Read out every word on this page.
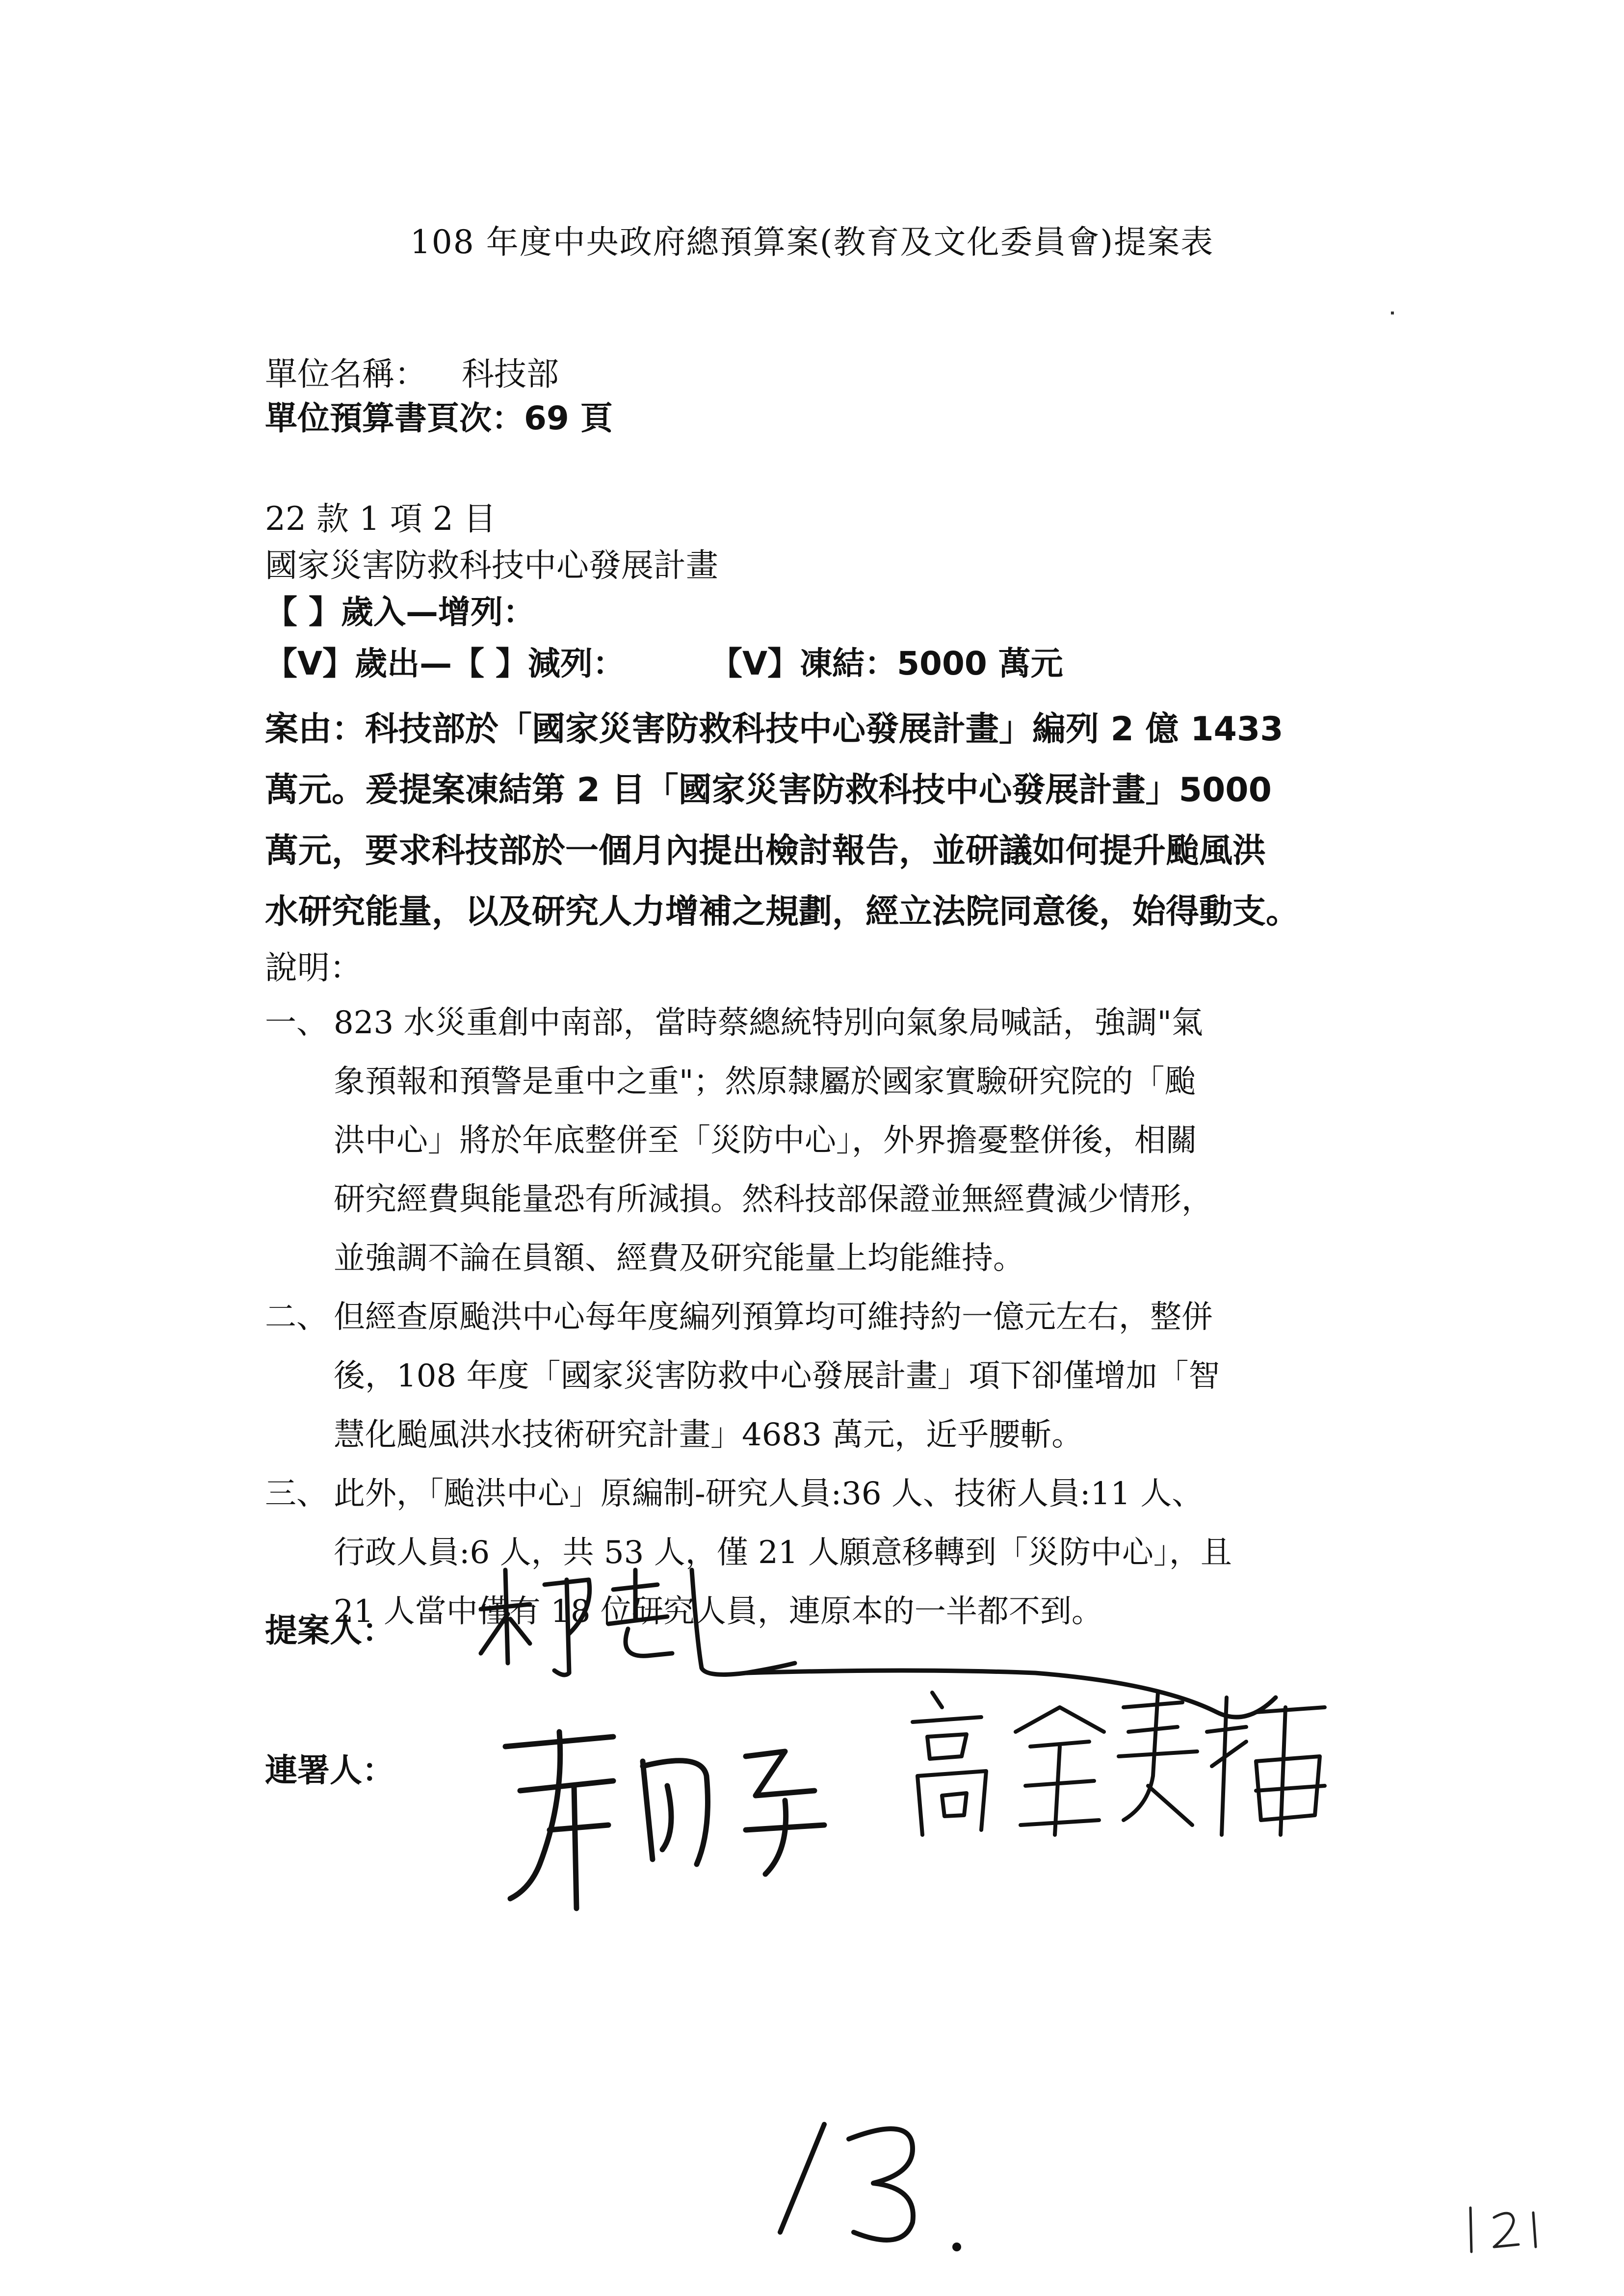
108 年度中央政府總預算案(教育及文化委員會)提案表
單位名稱： 科技部
單位預算書頁次：69 頁
22 款 1 項 2 目
國家災害防救科技中心發展計畫
【 】歲入—增列：
【V】歲出—【 】減列：	【V】凍結：5000 萬元
案由：科技部於「國家災害防救科技中心發展計畫」編列 2 億 1433
萬元。爰提案凍結第 2 目「國家災害防救科技中心發展計畫」5000
萬元，要求科技部於一個月內提出檢討報告，並研議如何提升颱風洪
水研究能量，以及研究人力增補之規劃，經立法院同意後，始得動支。
說明：
一、 823 水災重創中南部，當時蔡總統特別向氣象局喊話，強調"氣
象預報和預警是重中之重"；然原隸屬於國家實驗研究院的「颱
洪中心」將於年底整併至「災防中心」，外界擔憂整併後，相關
研究經費與能量恐有所減損。然科技部保證並無經費減少情形，
並強調不論在員額、經費及研究能量上均能維持。
二、 但經查原颱洪中心每年度編列預算均可維持約一億元左右，整併
後，108 年度「國家災害防救中心發展計畫」項下卻僅增加「智
慧化颱風洪水技術研究計畫」4683 萬元，近乎腰斬。
三、 此外，「颱洪中心」原編制-研究人員:36 人、技術人員:11 人、
行政人員:6 人，共 53 人，僅 21 人願意移轉到「災防中心」，且
21 人當中僅有 18 位研究人員，連原本的一半都不到。
提案人：
連署人：
